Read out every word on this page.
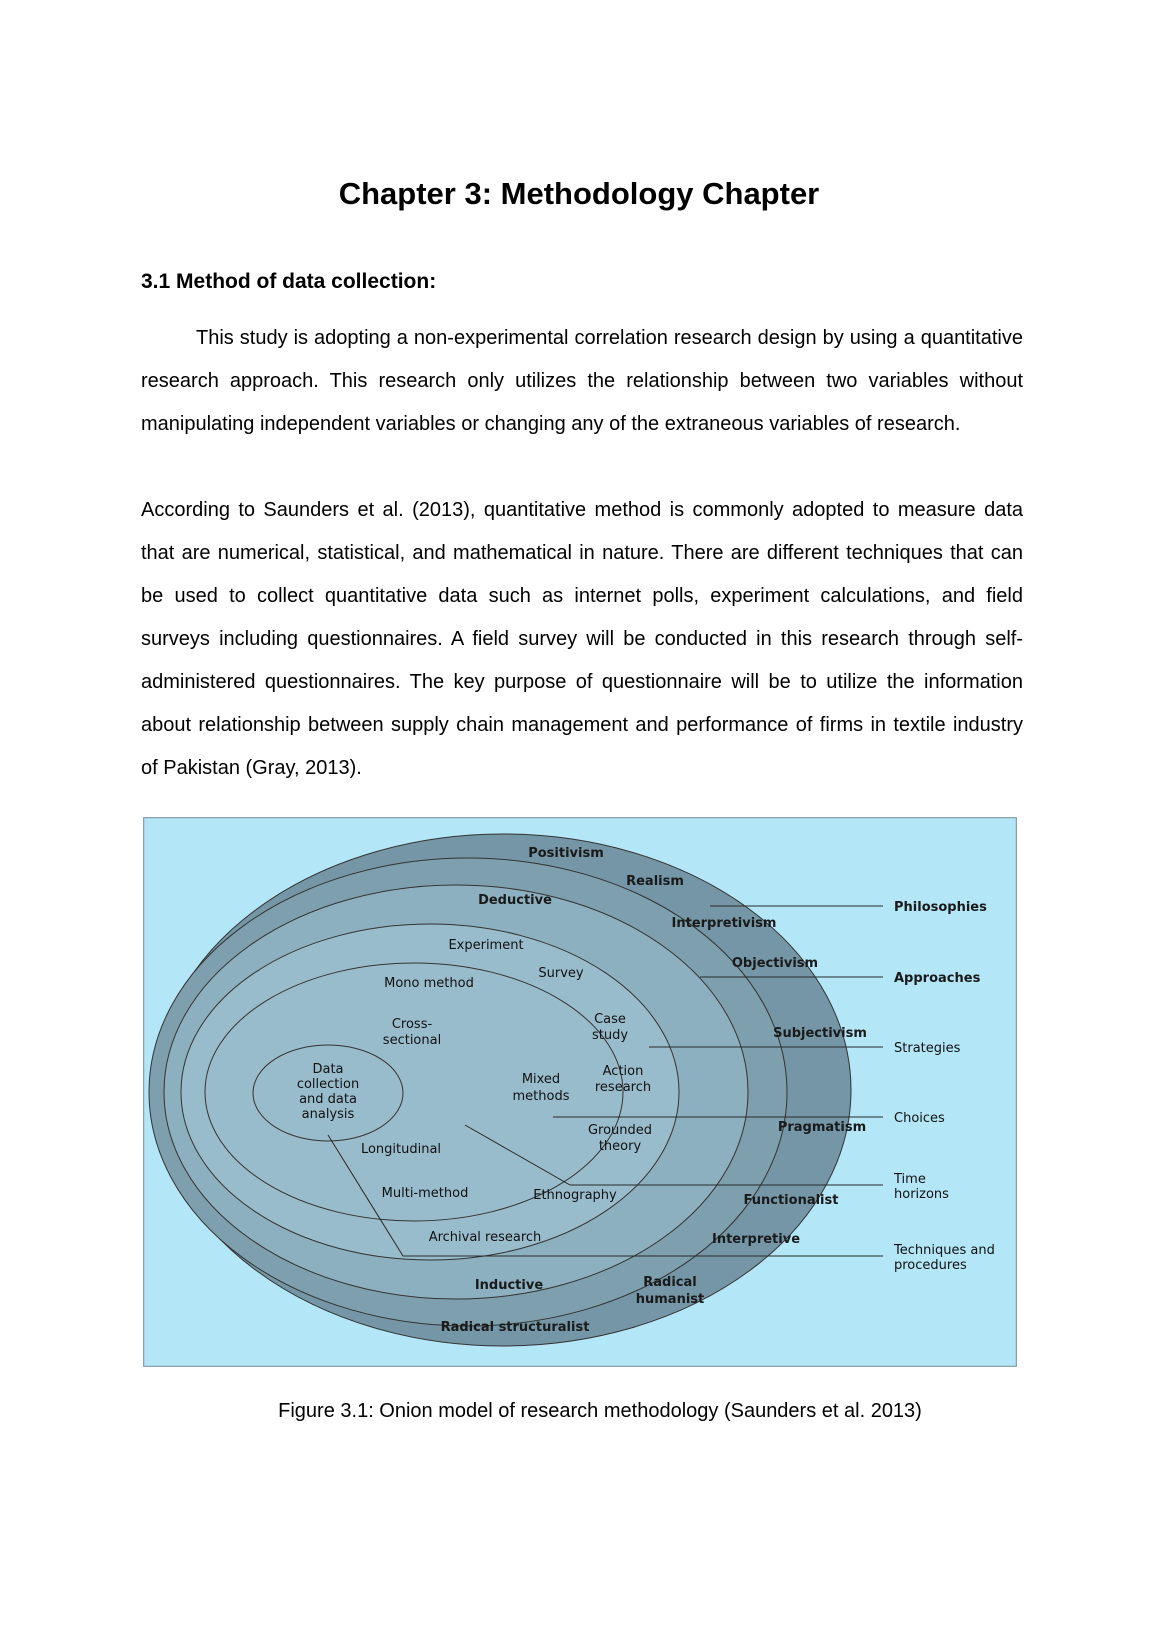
Chapter 3: Methodology Chapter
3.1 Method of data collection:

This study is adopting a non-experimental correlation research design by using a quantitative research approach. This research only utilizes the relationship between two variables without manipulating independent variables or changing any of the extraneous variables of research.

According to Saunders et al. (2013), quantitative method is commonly adopted to measure data that are numerical, statistical, and mathematical in nature. There are different techniques that can be used to collect quantitative data such as internet polls, experiment calculations, and field surveys including questionnaires. A field survey will be conducted in this research through self-administered questionnaires. The key purpose of questionnaire will be to utilize the information about relationship between supply chain management and performance of firms in textile industry of Pakistan (Gray, 2013).

Positivism
Realism
Deductive
Interpretivism
Experiment
Objectivism
Survey
Mono method
Cross-
sectional
Case
study	Subjectivism
Data
collection
and data
analysis
Mixed
methods
Action
research
Pragmatism
Grounded
theory
Longitudinal
Multi-method	Ethnography	Functionalist
Archival research	Interpretive
Inductive	Radical
humanist
Radical structuralist
Philosophies
Approaches
Strategies
Choices
Time
horizons
Techniques and
procedures
Figure 3.1: Onion model of research methodology (Saunders et al. 2013)
